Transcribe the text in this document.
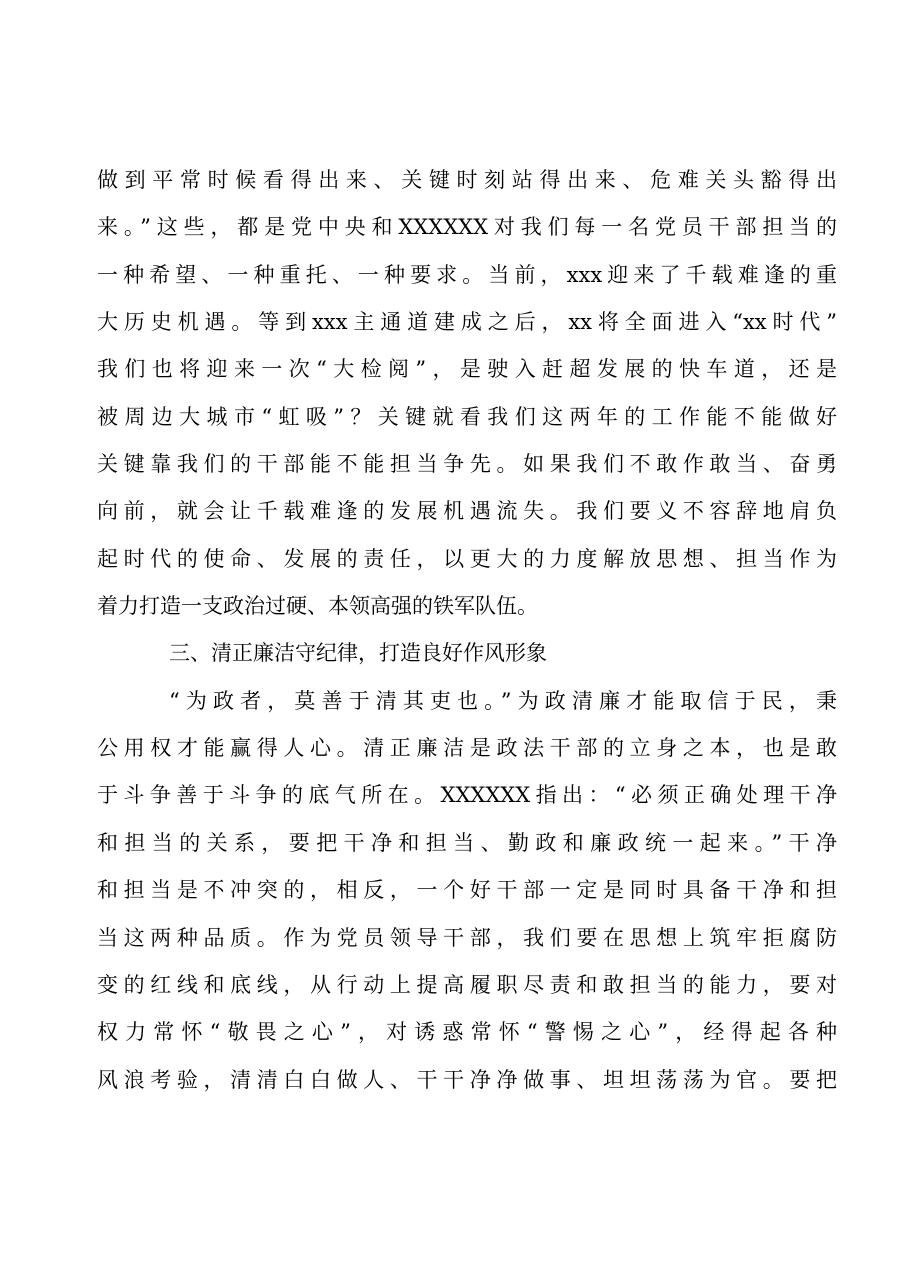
做到平常时候看得出来、关键时刻站得出来、危难关头豁得出
来。”这些，都是党中央和XXXXXX对我们每一名党员干部担当的
一种希望、一种重托、一种要求。当前，xxx迎来了千载难逢的重
大历史机遇。等到xxx主通道建成之后，xx将全面进入“xx时代”
我们也将迎来一次“大检阅”，是驶入赶超发展的快车道，还是
被周边大城市“虹吸”？关键就看我们这两年的工作能不能做好
关键靠我们的干部能不能担当争先。如果我们不敢作敢当、奋勇
向前，就会让千载难逢的发展机遇流失。我们要义不容辞地肩负
起时代的使命、发展的责任，以更大的力度解放思想、担当作为
着力打造一支政治过硬、本领高强的铁军队伍。
三、清正廉洁守纪律，打造良好作风形象
“为政者，莫善于清其吏也。”为政清廉才能取信于民，秉
公用权才能赢得人心。清正廉洁是政法干部的立身之本，也是敢
于斗争善于斗争的底气所在。XXXXXX指出：“必须正确处理干净
和担当的关系，要把干净和担当、勤政和廉政统一起来。”干净
和担当是不冲突的，相反，一个好干部一定是同时具备干净和担
当这两种品质。作为党员领导干部，我们要在思想上筑牢拒腐防
变的红线和底线，从行动上提高履职尽责和敢担当的能力，要对
权力常怀“敬畏之心”，对诱惑常怀“警惕之心”，经得起各种
风浪考验，清清白白做人、干干净净做事、坦坦荡荡为官。要把
